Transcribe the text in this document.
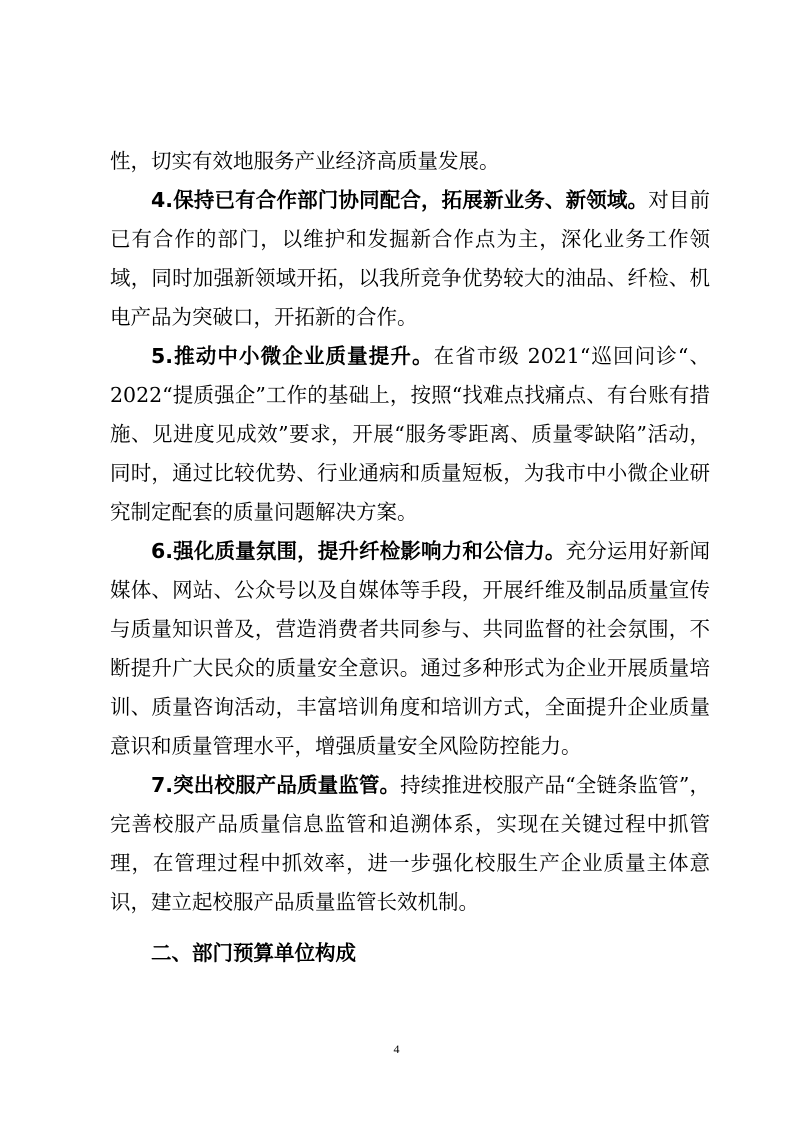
性，切实有效地服务产业经济高质量发展。

4.保持已有合作部门协同配合，拓展新业务、新领域。对目前已有合作的部门，以维护和发掘新合作点为主，深化业务工作领域，同时加强新领域开拓，以我所竞争优势较大的油品、纤检、机电产品为突破口，开拓新的合作。

5.推动中小微企业质量提升。在省市级 2021“巡回问诊“、2022“提质强企”工作的基础上，按照“找难点找痛点、有台账有措施、见进度见成效”要求，开展“服务零距离、质量零缺陷”活动，同时，通过比较优势、行业通病和质量短板，为我市中小微企业研究制定配套的质量问题解决方案。

6.强化质量氛围，提升纤检影响力和公信力。充分运用好新闻媒体、网站、公众号以及自媒体等手段，开展纤维及制品质量宣传与质量知识普及，营造消费者共同参与、共同监督的社会氛围，不断提升广大民众的质量安全意识。通过多种形式为企业开展质量培训、质量咨询活动，丰富培训角度和培训方式，全面提升企业质量意识和质量管理水平，增强质量安全风险防控能力。

7.突出校服产品质量监管。持续推进校服产品“全链条监管”，完善校服产品质量信息监管和追溯体系，实现在关键过程中抓管理，在管理过程中抓效率，进一步强化校服生产企业质量主体意识，建立起校服产品质量监管长效机制。

二、部门预算单位构成

4
